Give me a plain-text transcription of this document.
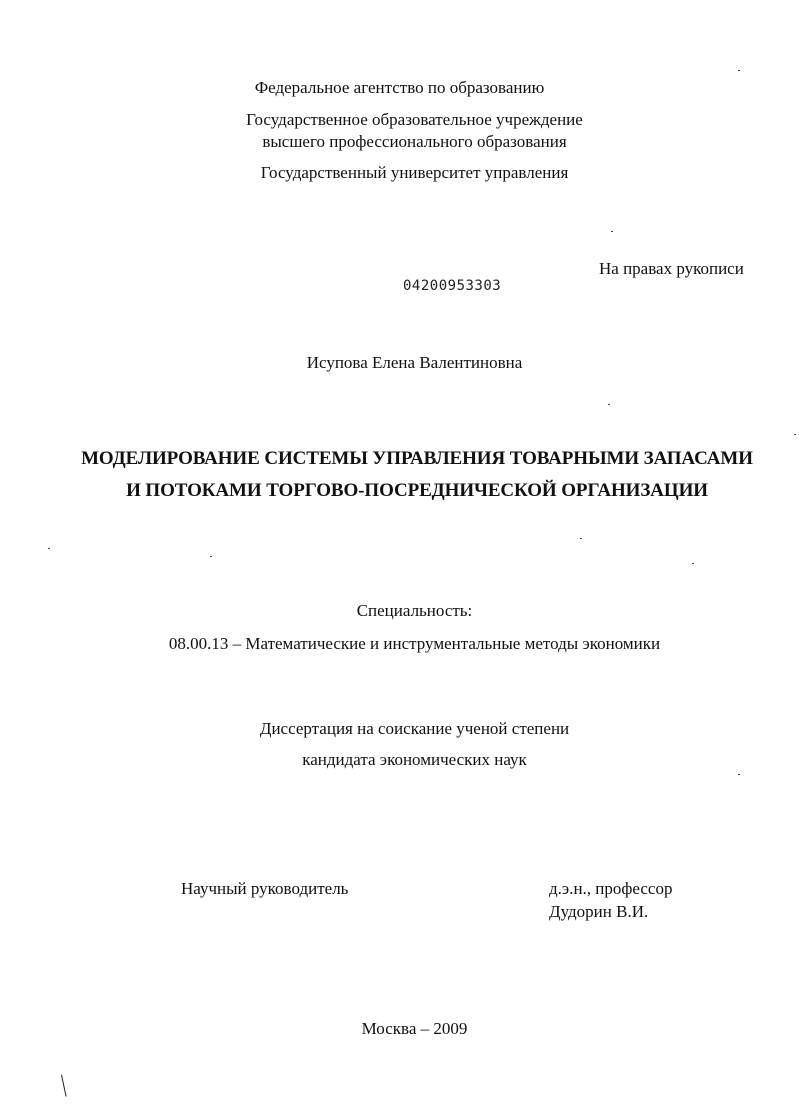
Федеральное агентство по образованию
Государственное образовательное учреждение
высшего профессионального образования
Государственный университет управления
На правах рукописи
04200953303
Исупова Елена Валентиновна
МОДЕЛИРОВАНИЕ СИСТЕМЫ УПРАВЛЕНИЯ ТОВАРНЫМИ ЗАПАСАМИ
И ПОТОКАМИ ТОРГОВО-ПОСРЕДНИЧЕСКОЙ ОРГАНИЗАЦИИ
Специальность:
08.00.13 – Математические и инструментальные методы экономики
Диссертация на соискание ученой степени
кандидата экономических наук
Научный руководитель	д.э.н., профессор
Дудорин В.И.
Москва – 2009
